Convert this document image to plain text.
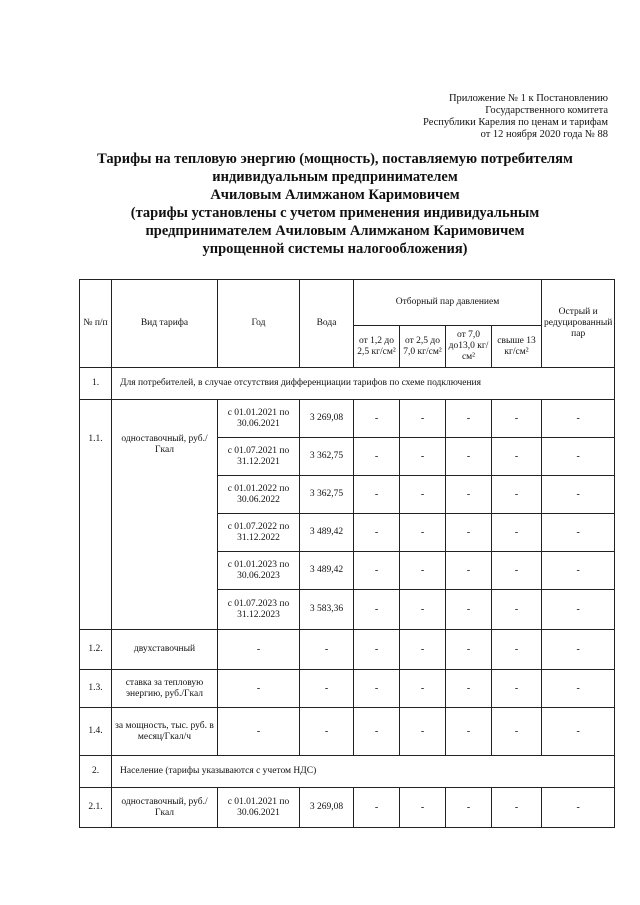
Приложение № 1 к Постановлению
Государственного комитета
Республики Карелия по ценам и тарифам
от 12 ноября 2020 года № 88
Тарифы на тепловую энергию (мощность), поставляемую потребителям
индивидуальным предпринимателем
Ачиловым Алимжаном Каримовичем
(тарифы установлены с учетом применения индивидуальным
предпринимателем Ачиловым Алимжаном Каримовичем
упрощенной системы налогообложения)
№ п/п	Вид тарифа	Год	Вода	Отборный пар давлением				Острый и редуцированный пар
				от 1,2 до 2,5 кг/см²	от 2,5 до 7,0 кг/см²	от 7,0 до13,0 кг/см²	свыше 13 кг/см²	
1.	Для потребителей, в случае отсутствия дифференциации тарифов по схеме подключения							
1.1.	одноставочный, руб./Гкал	с 01.01.2021 по 30.06.2021	3 269,08	-	-	-	-	-
		с 01.07.2021 по 31.12.2021	3 362,75	-	-	-	-	-
		с 01.01.2022 по 30.06.2022	3 362,75	-	-	-	-	-
		с 01.07.2022 по 31.12.2022	3 489,42	-	-	-	-	-
		с 01.01.2023 по 30.06.2023	3 489,42	-	-	-	-	-
		с 01.07.2023 по 31.12.2023	3 583,36	-	-	-	-	-
1.2.	двухставочный	-	-	-	-	-	-	-
1.3.	ставка за тепловую энергию, руб./Гкал	-	-	-	-	-	-	-
1.4.	за мощность, тыс. руб. в месяц/Гкал/ч	-	-	-	-	-	-	-
2.	Население (тарифы указываются с учетом НДС)							
2.1.	одноставочный, руб./Гкал	с 01.01.2021 по 30.06.2021	3 269,08	-	-	-	-	-
